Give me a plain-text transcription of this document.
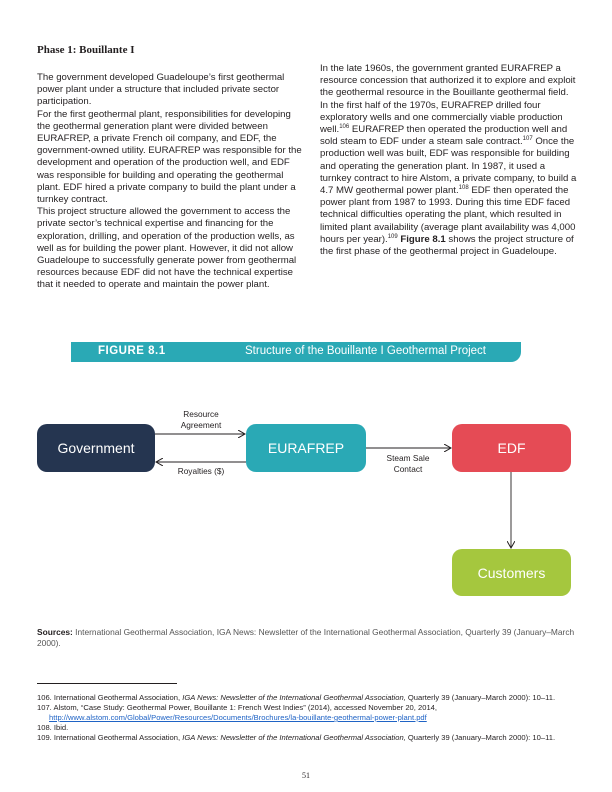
Phase 1: Bouillante I

The government developed Guadeloupe’s first geothermal power plant under a structure that included private sector participation.

For the first geothermal plant, responsibilities for developing the geothermal generation plant were divided between EURAFREP, a private French oil company, and EDF, the government-owned utility. EURAFREP was responsible for the development and operation of the production well, and EDF was responsible for building and operating the geothermal plant. EDF hired a private company to build the plant under a turnkey contract.

This project structure allowed the government to access the private sector’s technical expertise and financing for the exploration, drilling, and operation of the production wells, as well as for building the power plant. However, it did not allow Guadeloupe to successfully generate power from geothermal resources because EDF did not have the technical expertise that it needed to operate and maintain the power plant.

In the late 1960s, the government granted EURAFREP a resource concession that authorized it to explore and exploit the geothermal resource in the Bouillante geothermal field. In the first half of the 1970s, EURAFREP drilled four exploratory wells and one commercially viable production well.$^{106}$ EURAFREP then operated the production well and sold steam to EDF under a steam sale contract.$^{107}$ Once the production well was built, EDF was responsible for building and operating the generation plant. In 1987, it used a turnkey contract to hire Alstom, a private company, to build a 4.7 MW geothermal power plant.$^{108}$ EDF then operated the power plant from 1987 to 1993. During this time EDF faced technical difficulties operating the plant, which resulted in limited plant availability (average plant availability was 4,000 hours per year).$^{109}$ Figure 8.1 shows the project structure of the first phase of the geothermal project in Guadeloupe.

FIGURE 8.1	Structure of the Bouillante I Geothermal Project
Resource Agreement
Royalties ($)
Steam Sale Contact
Government	EURAFREP	EDF
Customers
Sources: International Geothermal Association, IGA News: Newsletter of the International Geothermal Association, Quarterly 39 (January–March 2000).
106. International Geothermal Association, IGA News: Newsletter of the International Geothermal Association, Quarterly 39 (January–March 2000): 10–11.
107. Alstom, “Case Study: Geothermal Power, Bouillante 1: French West Indies” (2014), accessed November 20, 2014,
http://www.alstom.com/Global/Power/Resources/Documents/Brochures/la-bouillante-geothermal-power-plant.pdf
108. Ibid.
109. International Geothermal Association, IGA News: Newsletter of the International Geothermal Association, Quarterly 39 (January–March 2000): 10–11.
51
